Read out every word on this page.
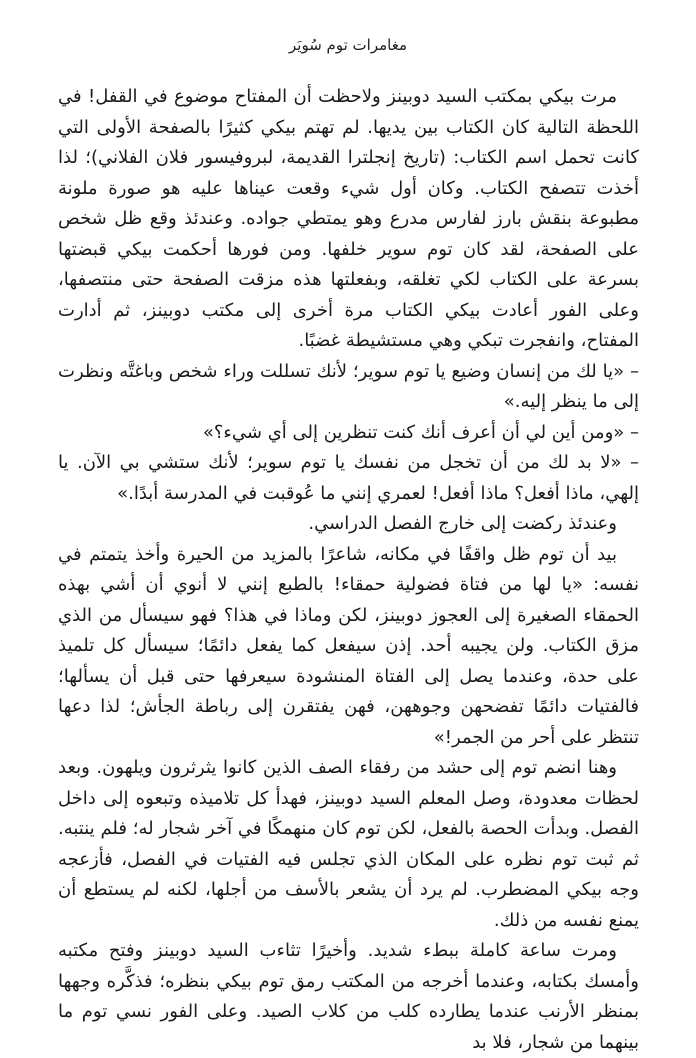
مغامرات توم سُويَر

مرت بيكي بمكتب السيد دوبينز ولاحظت أن المفتاح موضوع في القفل! في اللحظة التالية كان الكتاب بين يديها. لم تهتم بيكي كثيرًا بالصفحة الأولى التي كانت تحمل اسم الكتاب: (تاريخ إنجلترا القديمة، لبروفيسور فلان الفلاني)؛ لذا أخذت تتصفح الكتاب. وكان أول شيء وقعت عيناها عليه هو صورة ملونة مطبوعة بنقش بارز لفارس مدرع وهو يمتطي جواده. وعندئذ وقع ظل شخص على الصفحة، لقد كان توم سوير خلفها. ومن فورها أحكمت بيكي قبضتها بسرعة على الكتاب لكي تغلقه، وبفعلتها هذه مزقت الصفحة حتى منتصفها، وعلى الفور أعادت بيكي الكتاب مرة أخرى إلى مكتب دوبينز، ثم أدارت المفتاح، وانفجرت تبكي وهي مستشيطة غضبًا.

– «يا لك من إنسان وضيع يا توم سوير؛ لأنك تسللت وراء شخص وباغتَّه ونظرت إلى ما ينظر إليه.»

– «ومن أين لي أن أعرف أنك كنت تنظرين إلى أي شيء؟»

– «لا بد لك من أن تخجل من نفسك يا توم سوير؛ لأنك ستشي بي الآن. يا إلهي، ماذا أفعل؟ ماذا أفعل! لعمري إنني ما عُوقبت في المدرسة أبدًا.»

وعندئذ ركضت إلى خارج الفصل الدراسي.

بيد أن توم ظل واقفًا في مكانه، شاعرًا بالمزيد من الحيرة وأخذ يتمتم في نفسه: «يا لها من فتاة فضولية حمقاء! بالطبع إنني لا أنوي أن أشي بهذه الحمقاء الصغيرة إلى العجوز دوبينز، لكن وماذا في هذا؟ فهو سيسأل من الذي مزق الكتاب. ولن يجيبه أحد. إذن سيفعل كما يفعل دائمًا؛ سيسأل كل تلميذ على حدة، وعندما يصل إلى الفتاة المنشودة سيعرفها حتى قبل أن يسألها؛ فالفتيات دائمًا تفضحهن وجوههن، فهن يفتقرن إلى رباطة الجأش؛ لذا دعها تنتظر على أحر من الجمر!»

وهنا انضم توم إلى حشد من رفقاء الصف الذين كانوا يثرثرون ويلهون. وبعد لحظات معدودة، وصل المعلم السيد دوبينز، فهدأ كل تلاميذه وتبعوه إلى داخل الفصل. وبدأت الحصة بالفعل، لكن توم كان منهمكًا في آخر شجار له؛ فلم ينتبه. ثم ثبت توم نظره على المكان الذي تجلس فيه الفتيات في الفصل، فأزعجه وجه بيكي المضطرب. لم يرد أن يشعر بالأسف من أجلها، لكنه لم يستطع أن يمنع نفسه من ذلك.

ومرت ساعة كاملة ببطء شديد. وأخيرًا تثاءب السيد دوبينز وفتح مكتبه وأمسك بكتابه، وعندما أخرجه من المكتب رمق توم بيكي بنظره؛ فذكَّره وجهها بمنظر الأرنب عندما يطارده كلب من كلاب الصيد. وعلى الفور نسي توم ما بينهما من شجار، فلا بد
